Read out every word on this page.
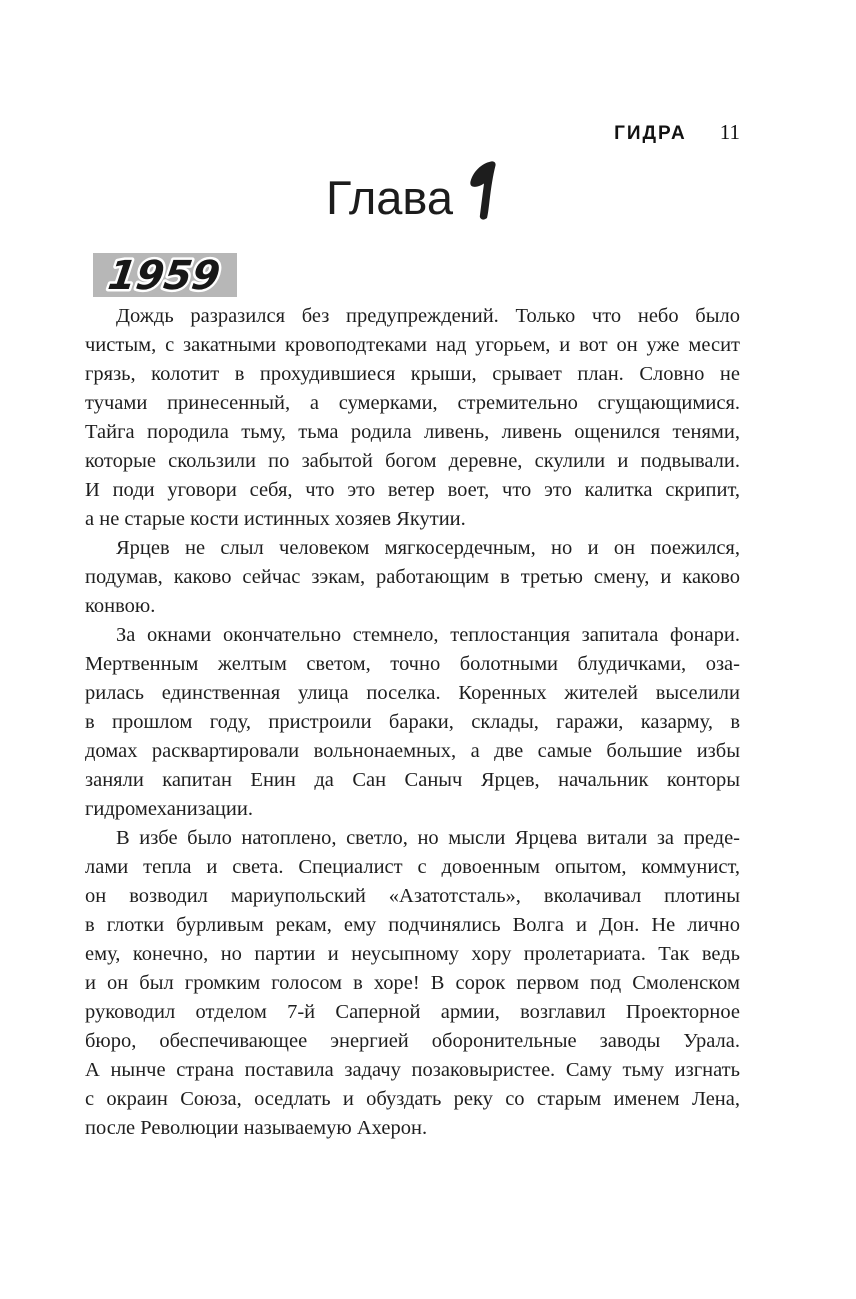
ГИДРА 11
Глава
1959
Дождь разразился без предупреждений. Только что небо было
чистым, с закатными кровоподтеками над угорьем, и вот он уже месит
грязь, колотит в прохудившиеся крыши, срывает план. Словно не
тучами принесенный, а сумерками, стремительно сгущающимися.
Тайга породила тьму, тьма родила ливень, ливень ощенился тенями,
которые скользили по забытой богом деревне, скулили и подвывали.
И поди уговори себя, что это ветер воет, что это калитка скрипит,
а не старые кости истинных хозяев Якутии.
Ярцев не слыл человеком мягкосердечным, но и он поежился,
подумав, каково сейчас зэкам, работающим в третью смену, и каково
конвою.
За окнами окончательно стемнело, теплостанция запитала фонари.
Мертвенным желтым светом, точно болотными блудичками, оза-
рилась единственная улица поселка. Коренных жителей выселили
в прошлом году, пристроили бараки, склады, гаражи, казарму, в
домах расквартировали вольнонаемных, а две самые большие избы
заняли капитан Енин да Сан Саныч Ярцев, начальник конторы
гидромеханизации.
В избе было натоплено, светло, но мысли Ярцева витали за преде-
лами тепла и света. Специалист с довоенным опытом, коммунист,
он возводил мариупольский «Азатотсталь», вколачивал плотины
в глотки бурливым рекам, ему подчинялись Волга и Дон. Не лично
ему, конечно, но партии и неусыпному хору пролетариата. Так ведь
и он был громким голосом в хоре! В сорок первом под Смоленском
руководил отделом 7-й Саперной армии, возглавил Проекторное
бюро, обеспечивающее энергией оборонительные заводы Урала.
А нынче страна поставила задачу позаковыристее. Саму тьму изгнать
с окраин Союза, оседлать и обуздать реку со старым именем Лена,
после Революции называемую Ахерон.
